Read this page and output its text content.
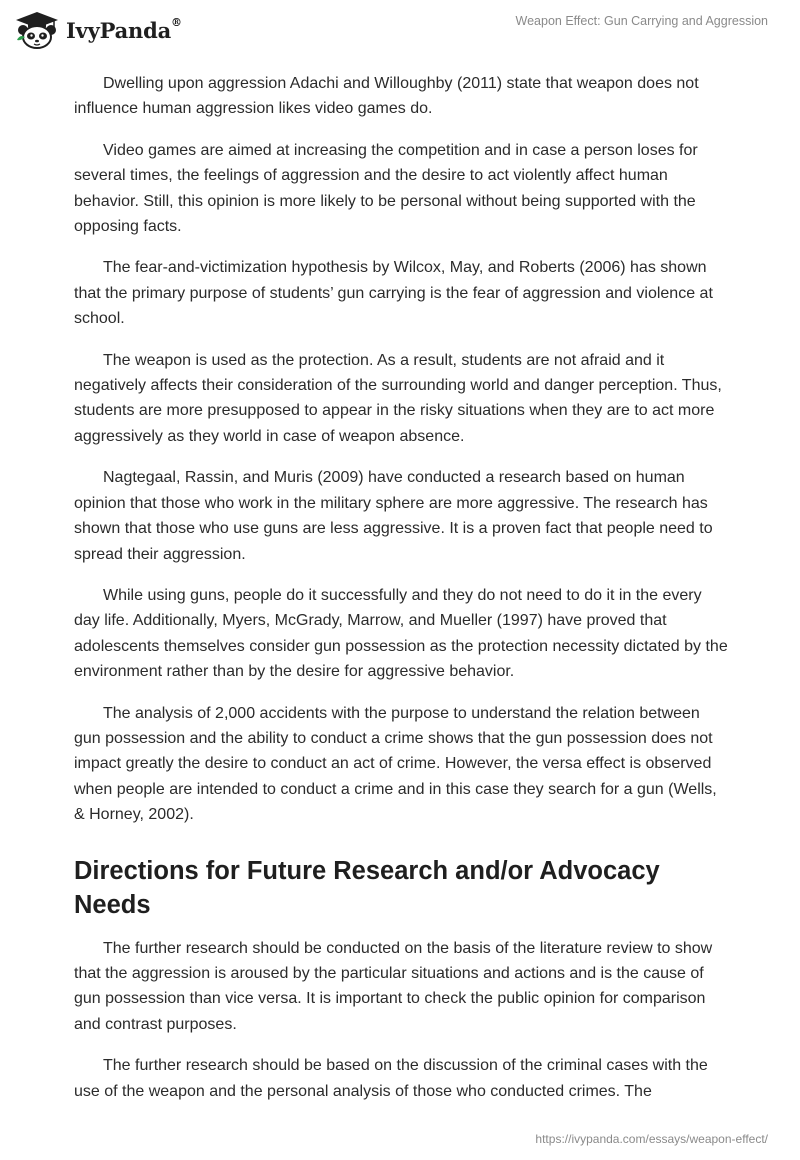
IvyPanda®	Weapon Effect: Gun Carrying and Aggression

Dwelling upon aggression Adachi and Willoughby (2011) state that weapon does not influence human aggression likes video games do.

Video games are aimed at increasing the competition and in case a person loses for several times, the feelings of aggression and the desire to act violently affect human behavior. Still, this opinion is more likely to be personal without being supported with the opposing facts.

The fear-and-victimization hypothesis by Wilcox, May, and Roberts (2006) has shown that the primary purpose of students’ gun carrying is the fear of aggression and violence at school.

The weapon is used as the protection. As a result, students are not afraid and it negatively affects their consideration of the surrounding world and danger perception. Thus, students are more presupposed to appear in the risky situations when they are to act more aggressively as they world in case of weapon absence.

Nagtegaal, Rassin, and Muris (2009) have conducted a research based on human opinion that those who work in the military sphere are more aggressive. The research has shown that those who use guns are less aggressive. It is a proven fact that people need to spread their aggression.

While using guns, people do it successfully and they do not need to do it in the every day life. Additionally, Myers, McGrady, Marrow, and Mueller (1997) have proved that adolescents themselves consider gun possession as the protection necessity dictated by the environment rather than by the desire for aggressive behavior.

The analysis of 2,000 accidents with the purpose to understand the relation between gun possession and the ability to conduct a crime shows that the gun possession does not impact greatly the desire to conduct an act of crime. However, the versa effect is observed when people are intended to conduct a crime and in this case they search for a gun (Wells, & Horney, 2002).

Directions for Future Research and/or Advocacy Needs

The further research should be conducted on the basis of the literature review to show that the aggression is aroused by the particular situations and actions and is the cause of gun possession than vice versa. It is important to check the public opinion for comparison and contrast purposes.

The further research should be based on the discussion of the criminal cases with the use of the weapon and the personal analysis of those who conducted crimes. The

https://ivypanda.com/essays/weapon-effect/
